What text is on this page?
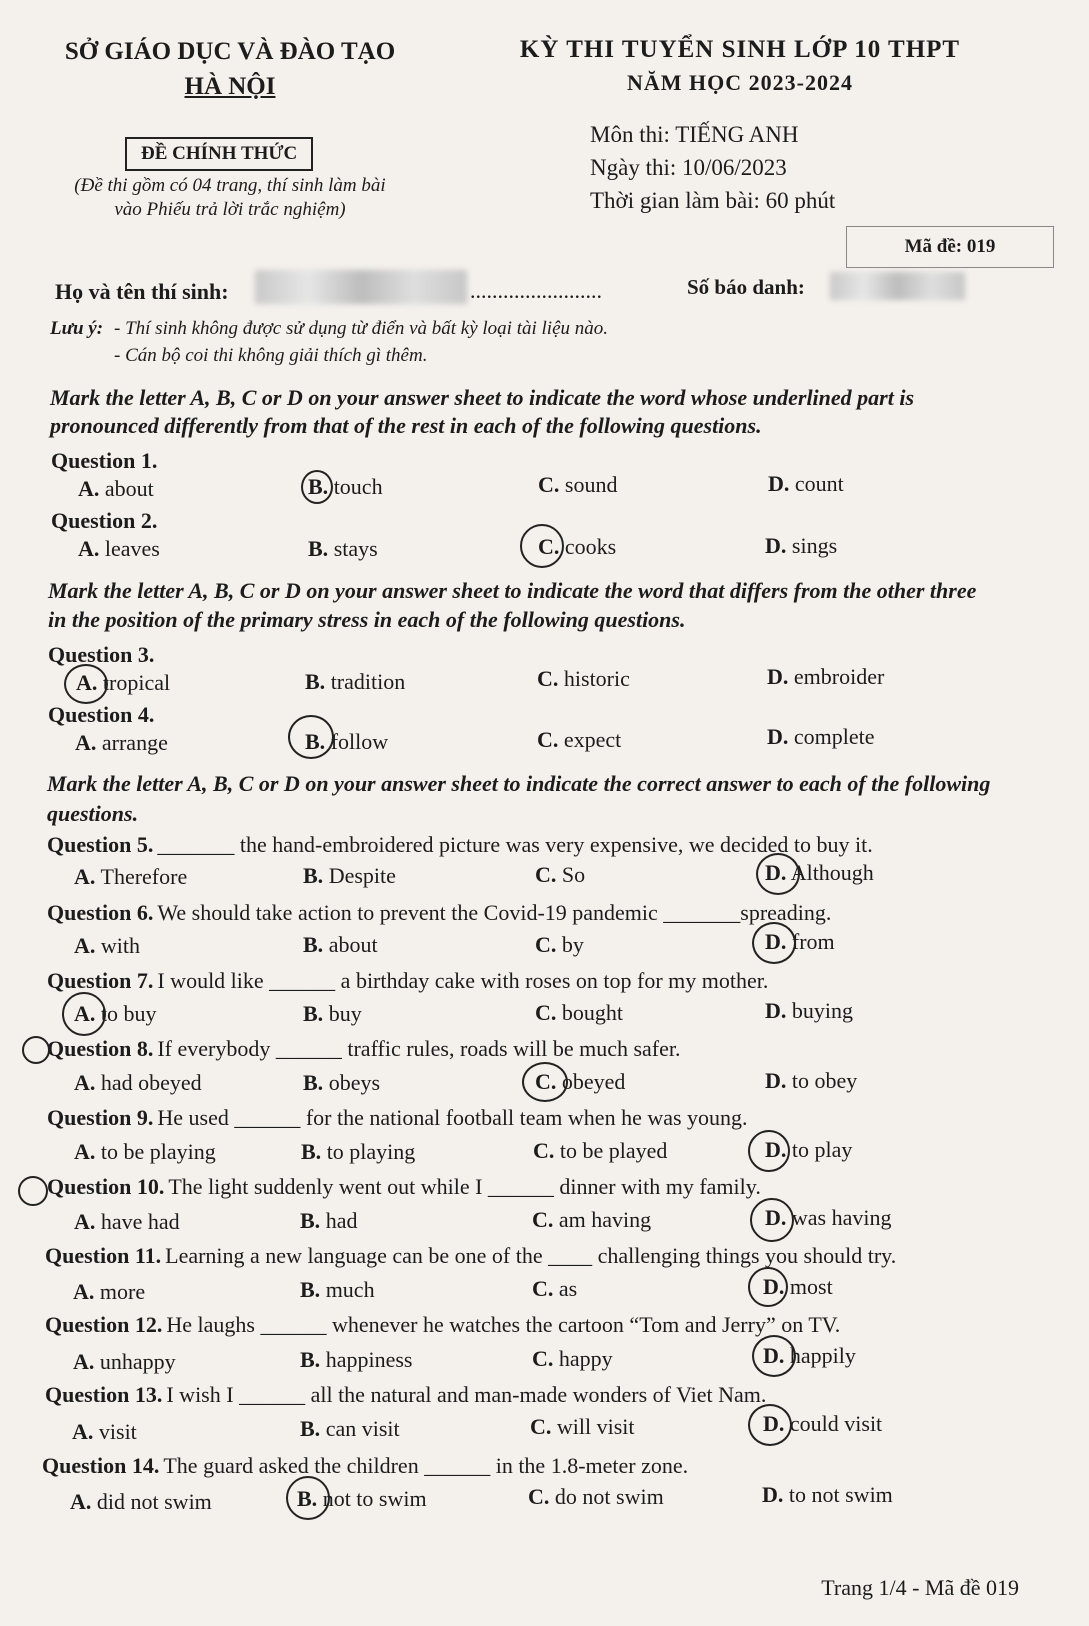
SỞ GIÁO DỤC VÀ ĐÀO TẠO
HÀ NỘI
KỲ THI TUYỂN SINH LỚP 10 THPT
NĂM HỌC 2023-2024
ĐỀ CHÍNH THỨC
(Đề thi gồm có 04 trang, thí sinh làm bài
vào Phiếu trả lời trắc nghiệm)
Môn thi: TIẾNG ANH
Ngày thi: 10/06/2023
Thời gian làm bài: 60 phút
Mã đề: 019
Họ và tên thí sinh:	........................	Số báo danh:
Lưu ý: - Thí sinh không được sử dụng từ điển và bất kỳ loại tài liệu nào.
- Cán bộ coi thi không giải thích gì thêm.
Mark the letter A, B, C or D on your answer sheet to indicate the word whose underlined part is
pronounced differently from that of the rest in each of the following questions.
Question 1.
A. about	B. touch	C. sound	D. count
Question 2.
A. leaves	B. stays	C. cooks	D. sings
Mark the letter A, B, C or D on your answer sheet to indicate the word that differs from the other three
in the position of the primary stress in each of the following questions.
Question 3.
A. tropical	B. tradition	C. historic	D. embroider
Question 4.
A. arrange	B. follow	C. expect	D. complete
Mark the letter A, B, C or D on your answer sheet to indicate the correct answer to each of the following
questions.
Question 5. _______ the hand-embroidered picture was very expensive, we decided to buy it.
A. Therefore	B. Despite	C. So	D. Although
Question 6. We should take action to prevent the Covid-19 pandemic _______spreading.
A. with	B. about	C. by	D. from
Question 7. I would like ______ a birthday cake with roses on top for my mother.
A. to buy	B. buy	C. bought	D. buying
Question 8. If everybody ______ traffic rules, roads will be much safer.
A. had obeyed	B. obeys	C. obeyed	D. to obey
Question 9. He used ______ for the national football team when he was young.
A. to be playing	B. to playing	C. to be played	D. to play
Question 10. The light suddenly went out while I ______ dinner with my family.
A. have had	B. had	C. am having	D. was having
Question 11. Learning a new language can be one of the ____ challenging things you should try.
A. more	B. much	C. as	D. most
Question 12. He laughs ______ whenever he watches the cartoon “Tom and Jerry” on TV.
A. unhappy	B. happiness	C. happy	D. happily
Question 13. I wish I ______ all the natural and man-made wonders of Viet Nam.
A. visit	B. can visit	C. will visit	D. could visit
Question 14. The guard asked the children ______ in the 1.8-meter zone.
A. did not swim	B. not to swim	C. do not swim	D. to not swim
Trang 1/4 - Mã đề 019
